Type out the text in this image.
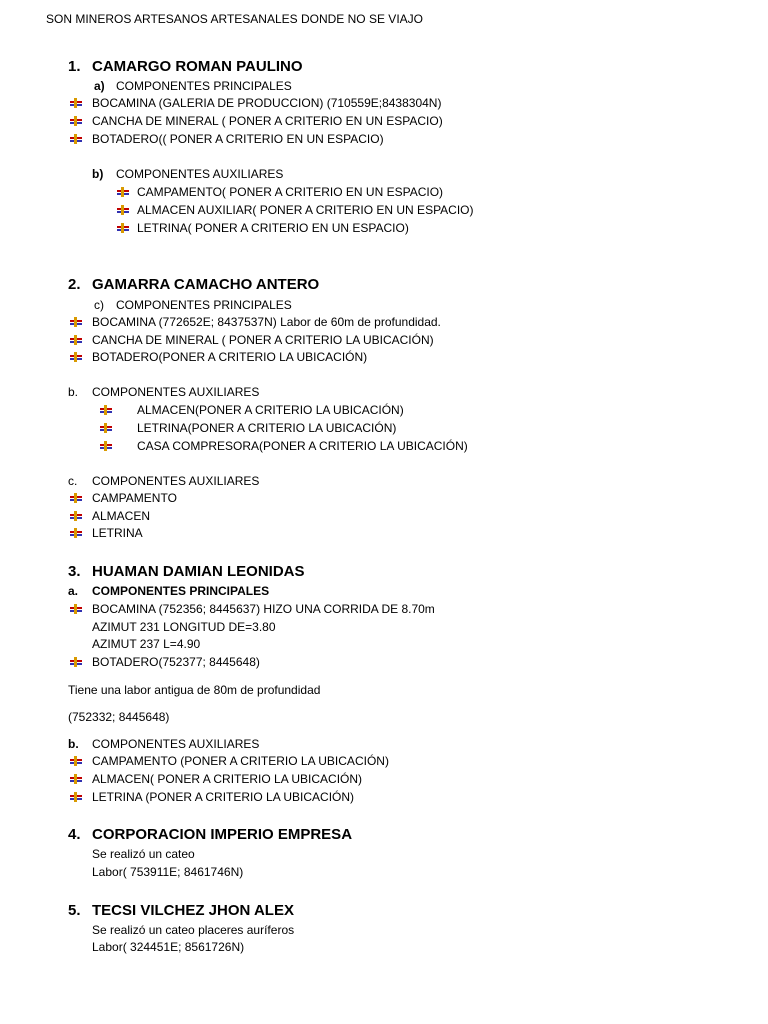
SON MINEROS ARTESANOS ARTESANALES DONDE NO SE VIAJO
1. CAMARGO ROMAN PAULINO
a) COMPONENTES PRINCIPALES
BOCAMINA (GALERIA DE PRODUCCION) (710559E;8438304N)
CANCHA DE MINERAL ( PONER A CRITERIO EN UN ESPACIO)
BOTADERO(( PONER A CRITERIO EN UN ESPACIO)
b) COMPONENTES AUXILIARES
CAMPAMENTO( PONER A CRITERIO EN UN ESPACIO)
ALMACEN AUXILIAR( PONER A CRITERIO EN UN ESPACIO)
LETRINA( PONER A CRITERIO EN UN ESPACIO)
2. GAMARRA CAMACHO ANTERO
c) COMPONENTES PRINCIPALES
BOCAMINA (772652E; 8437537N) Labor de 60m de profundidad.
CANCHA DE MINERAL ( PONER A CRITERIO LA UBICACIÓN)
BOTADERO(PONER A CRITERIO LA UBICACIÓN)
b. COMPONENTES AUXILIARES
ALMACEN(PONER A CRITERIO LA UBICACIÓN)
LETRINA(PONER A CRITERIO LA UBICACIÓN)
CASA COMPRESORA(PONER A CRITERIO LA UBICACIÓN)
c. COMPONENTES AUXILIARES
CAMPAMENTO
ALMACEN
LETRINA
3. HUAMAN DAMIAN LEONIDAS
a. COMPONENTES PRINCIPALES
BOCAMINA (752356; 8445637) HIZO UNA CORRIDA DE 8.70m
AZIMUT 231 LONGITUD DE=3.80
AZIMUT 237 L=4.90
BOTADERO(752377; 8445648)
Tiene una labor antigua de 80m de profundidad
(752332; 8445648)
b. COMPONENTES AUXILIARES
CAMPAMENTO (PONER A CRITERIO LA UBICACIÓN)
ALMACEN( PONER A CRITERIO LA UBICACIÓN)
LETRINA (PONER A CRITERIO LA UBICACIÓN)
4. CORPORACION IMPERIO EMPRESA
Se realizó un cateo
Labor( 753911E; 8461746N)
5. TECSI VILCHEZ JHON ALEX
Se realizó un cateo placeres auríferos
Labor( 324451E; 8561726N)
